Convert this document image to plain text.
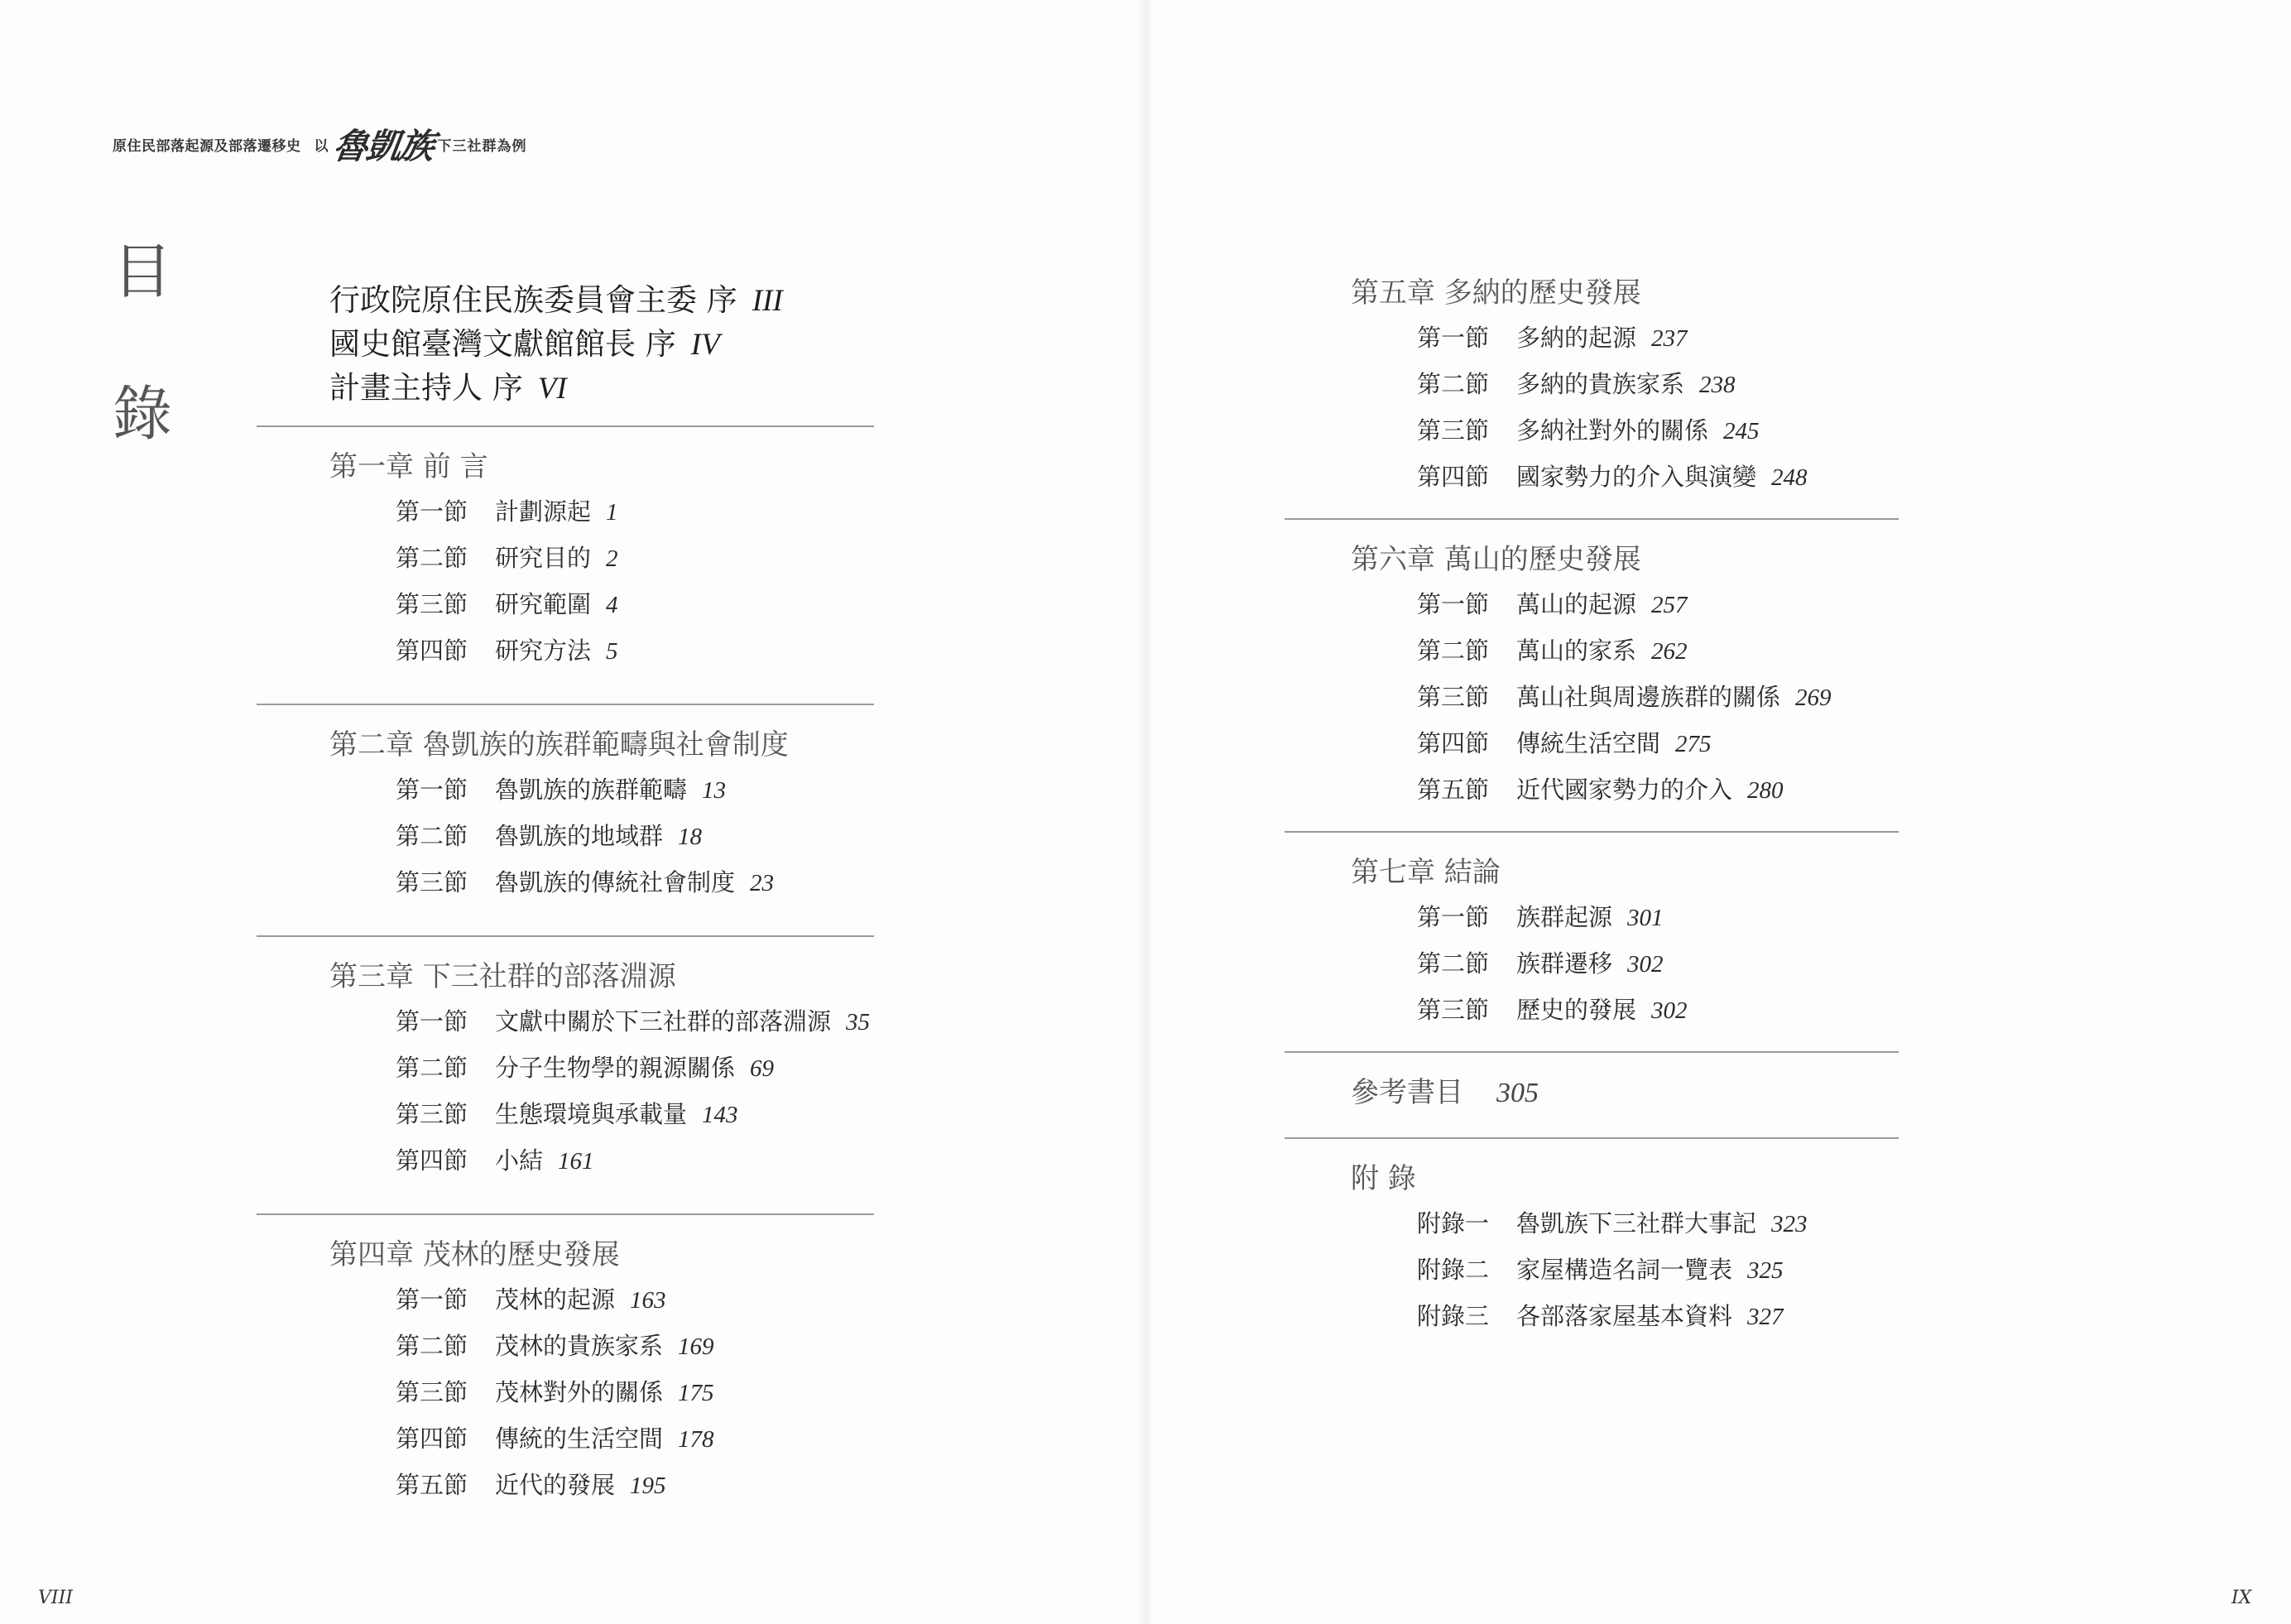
原住民部落起源及部落遷移史 以 魯凱族 下三社群為例
目
錄
行政院原住民族委員會主委 序 III
國史館臺灣文獻館館長 序 IV
計畫主持人 序 VI
第一章 前 言
第一節 計劃源起 1
第二節 研究目的 2
第三節 研究範圍 4
第四節 研究方法 5
第二章 魯凱族的族群範疇與社會制度
第一節 魯凱族的族群範疇 13
第二節 魯凱族的地域群 18
第三節 魯凱族的傳統社會制度 23
第三章 下三社群的部落淵源
第一節 文獻中關於下三社群的部落淵源 35
第二節 分子生物學的親源關係 69
第三節 生態環境與承載量 143
第四節 小結 161
第四章 茂林的歷史發展
第一節 茂林的起源 163
第二節 茂林的貴族家系 169
第三節 茂林對外的關係 175
第四節 傳統的生活空間 178
第五節 近代的發展 195
VIII
第五章 多納的歷史發展
第一節 多納的起源 237
第二節 多納的貴族家系 238
第三節 多納社對外的關係 245
第四節 國家勢力的介入與演變 248
第六章 萬山的歷史發展
第一節 萬山的起源 257
第二節 萬山的家系 262
第三節 萬山社與周邊族群的關係 269
第四節 傳統生活空間 275
第五節 近代國家勢力的介入 280
第七章 結論
第一節 族群起源 301
第二節 族群遷移 302
第三節 歷史的發展 302
參考書目 305
附 錄
附錄一 魯凱族下三社群大事記 323
附錄二 家屋構造名詞一覽表 325
附錄三 各部落家屋基本資料 327
IX
